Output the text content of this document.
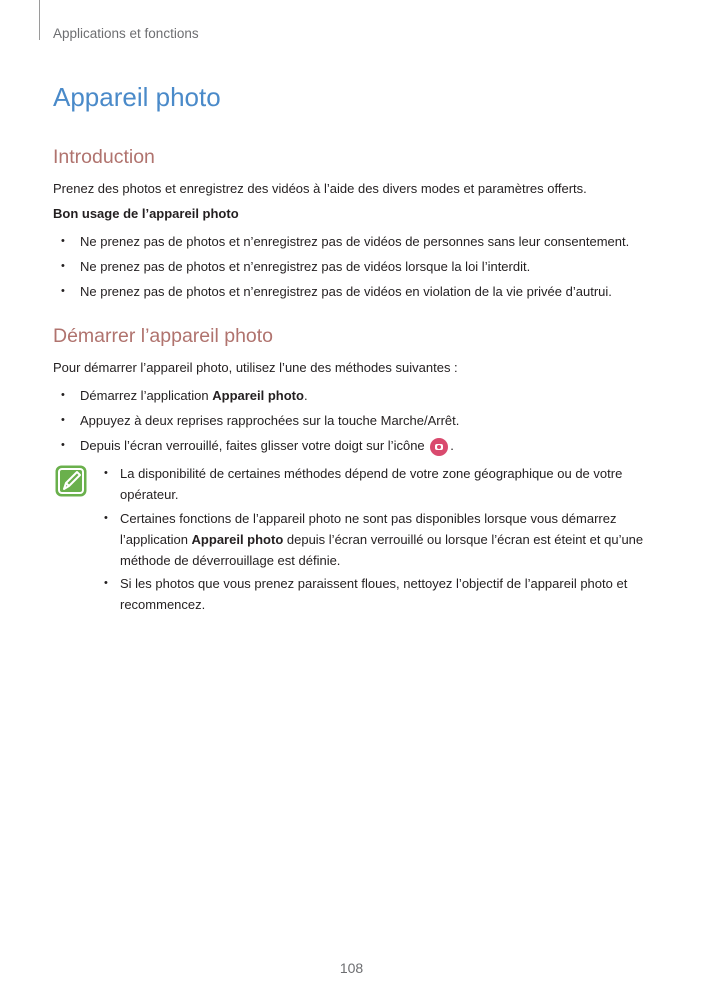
Applications et fonctions
Appareil photo
Introduction
Prenez des photos et enregistrez des vidéos à l’aide des divers modes et paramètres offerts.
Bon usage de l’appareil photo
• Ne prenez pas de photos et n’enregistrez pas de vidéos de personnes sans leur consentement.
• Ne prenez pas de photos et n’enregistrez pas de vidéos lorsque la loi l’interdit.
• Ne prenez pas de photos et n’enregistrez pas de vidéos en violation de la vie privée d’autrui.
Démarrer l’appareil photo
Pour démarrer l’appareil photo, utilisez l’une des méthodes suivantes :
• Démarrez l’application Appareil photo.
• Appuyez à deux reprises rapprochées sur la touche Marche/Arrêt.
• Depuis l’écran verrouillé, faites glisser votre doigt sur l’icône .
• La disponibilité de certaines méthodes dépend de votre zone géographique ou de votre opérateur.
• Certaines fonctions de l’appareil photo ne sont pas disponibles lorsque vous démarrez l’application Appareil photo depuis l’écran verrouillé ou lorsque l’écran est éteint et qu’une méthode de déverrouillage est définie.
• Si les photos que vous prenez paraissent floues, nettoyez l’objectif de l’appareil photo et recommencez.
108
